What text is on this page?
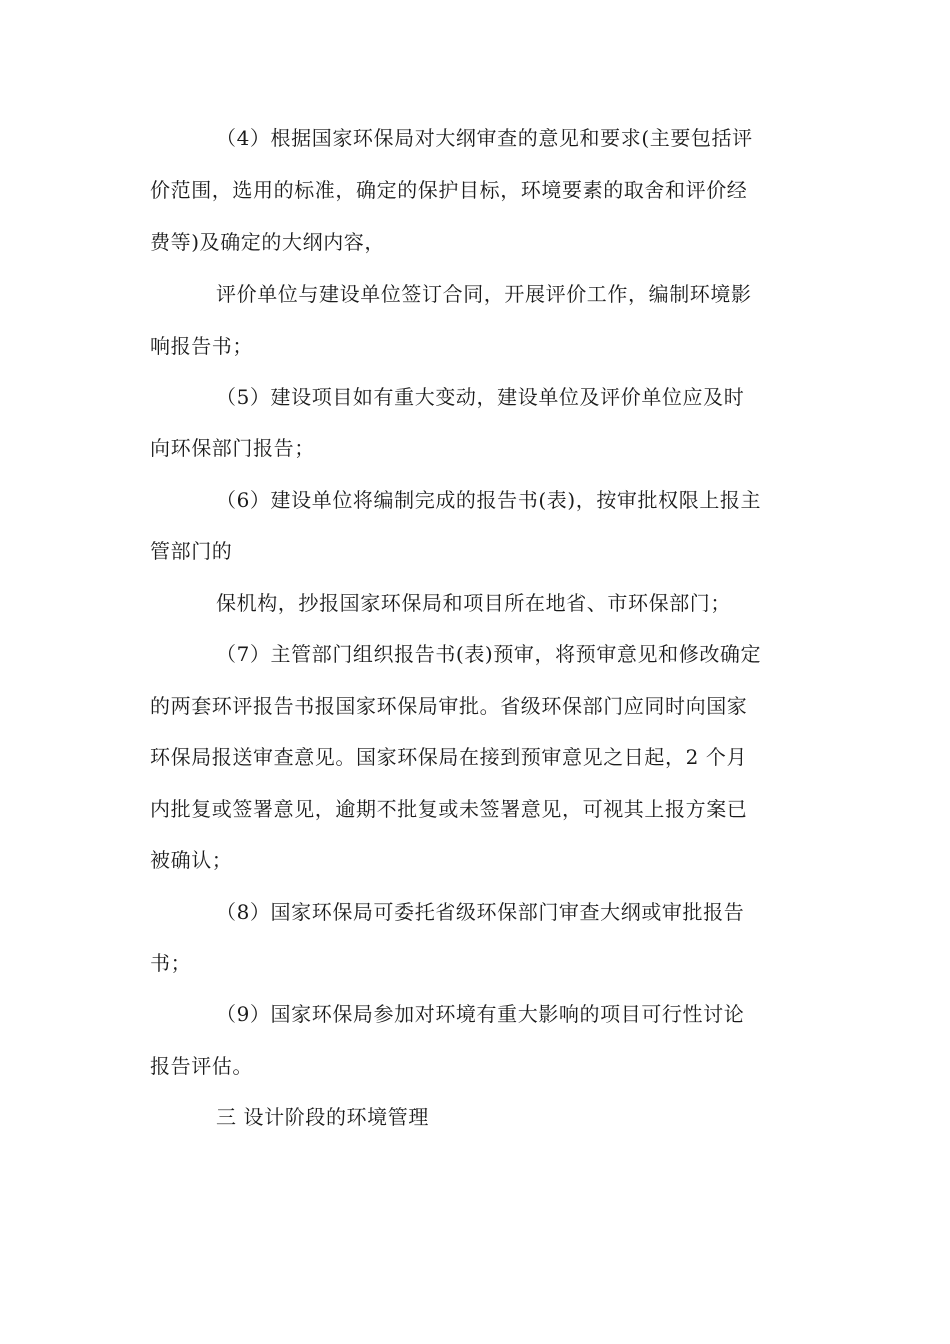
（4）根据国家环保局对大纲审查的意见和要求(主要包括评
价范围，选用的标准，确定的保护目标，环境要素的取舍和评价经
费等)及确定的大纲内容，
评价单位与建设单位签订合同，开展评价工作，编制环境影
响报告书；
（5）建设项目如有重大变动，建设单位及评价单位应及时
向环保部门报告；
（6）建设单位将编制完成的报告书(表)，按审批权限上报主
管部门的
保机构，抄报国家环保局和项目所在地省、市环保部门；
（7）主管部门组织报告书(表)预审，将预审意见和修改确定
的两套环评报告书报国家环保局审批。省级环保部门应同时向国家
环保局报送审查意见。国家环保局在接到预审意见之日起，2 个月
内批复或签署意见，逾期不批复或未签署意见，可视其上报方案已
被确认；
（8）国家环保局可委托省级环保部门审查大纲或审批报告
书；
（9）国家环保局参加对环境有重大影响的项目可行性讨论
报告评估。
三 设计阶段的环境管理
